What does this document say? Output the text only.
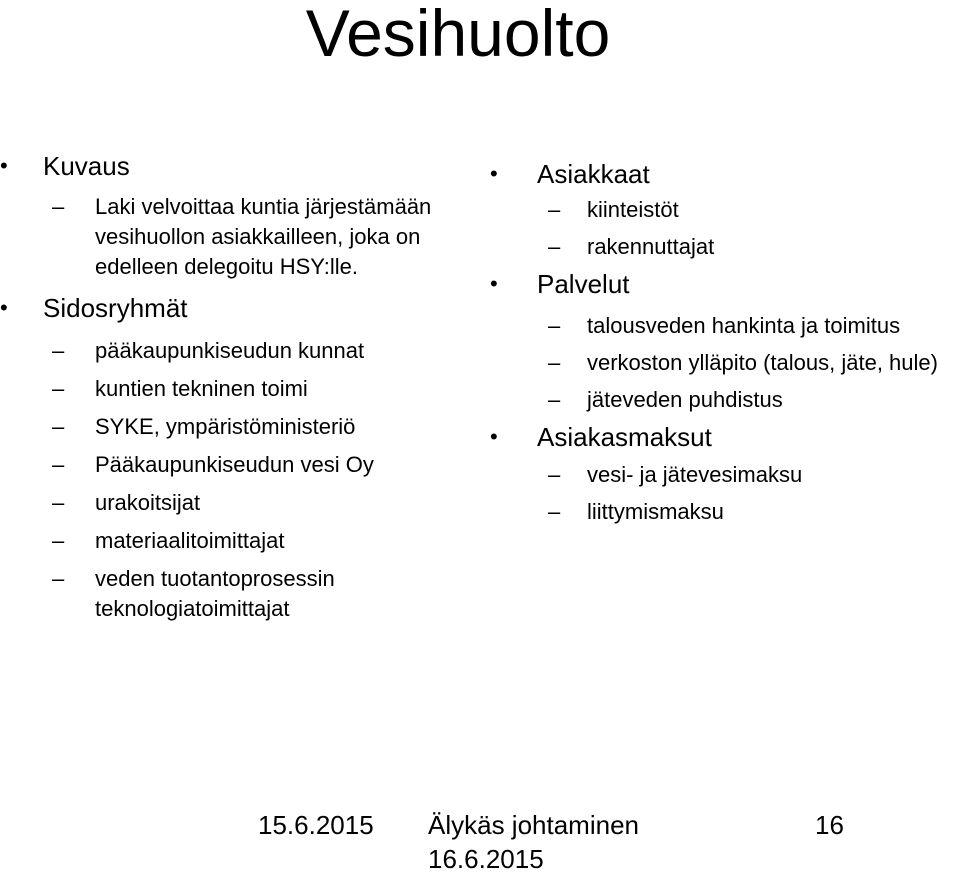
Vesihuolto
• Kuvaus
– Laki velvoittaa kuntia järjestämään vesihuollon asiakkailleen, joka on edelleen delegoitu HSY:lle.
• Sidosryhmät
– pääkaupunkiseudun kunnat
– kuntien tekninen toimi
– SYKE, ympäristöministeriö
– Pääkaupunkiseudun vesi Oy
– urakoitsijat
– materiaalitoimittajat
– veden tuotantoprosessin teknologiatoimittajat
• Asiakkaat
– kiinteistöt
– rakennuttajat
• Palvelut
– talousveden hankinta ja toimitus
– verkoston ylläpito (talous, jäte, hule)
– jäteveden puhdistus
• Asiakasmaksut
– vesi- ja jätevesimaksu
– liittymismaksu
15.6.2015 Älykäs johtaminen 16.6.2015
16
